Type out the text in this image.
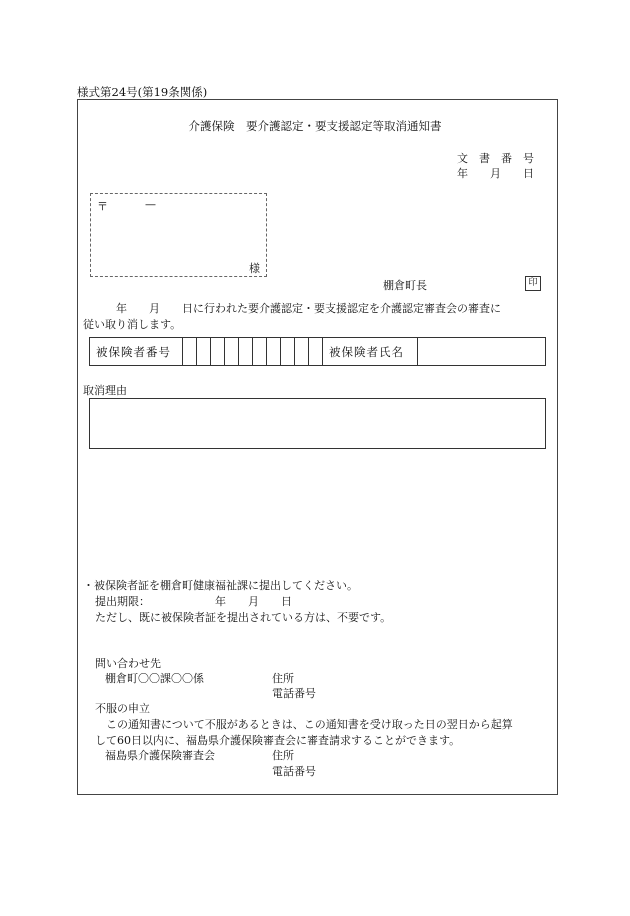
様式第24号(第19条関係)
介護保険　要介護認定・要支援認定等取消通知書
文　書　番　号
年　　月　　日
〒	—
様
棚倉町長	印
　　　年　　月　　日に行われた要介護認定・要支援認定を介護認定審査会の審査に
従い取り消します。
被保険者番号	被保険者氏名
取消理由
・被保険者証を棚倉町健康福祉課に提出してください。
提出期限：	年　　月　　日
ただし、既に被保険者証を提出されている方は、不要です。
問い合わせ先
棚倉町〇〇課〇〇係	住所
電話番号
不服の申立
　この通知書について不服があるときは、この通知書を受け取った日の翌日から起算
して60日以内に、福島県介護保険審査会に審査請求することができます。
福島県介護保険審査会	住所
電話番号
